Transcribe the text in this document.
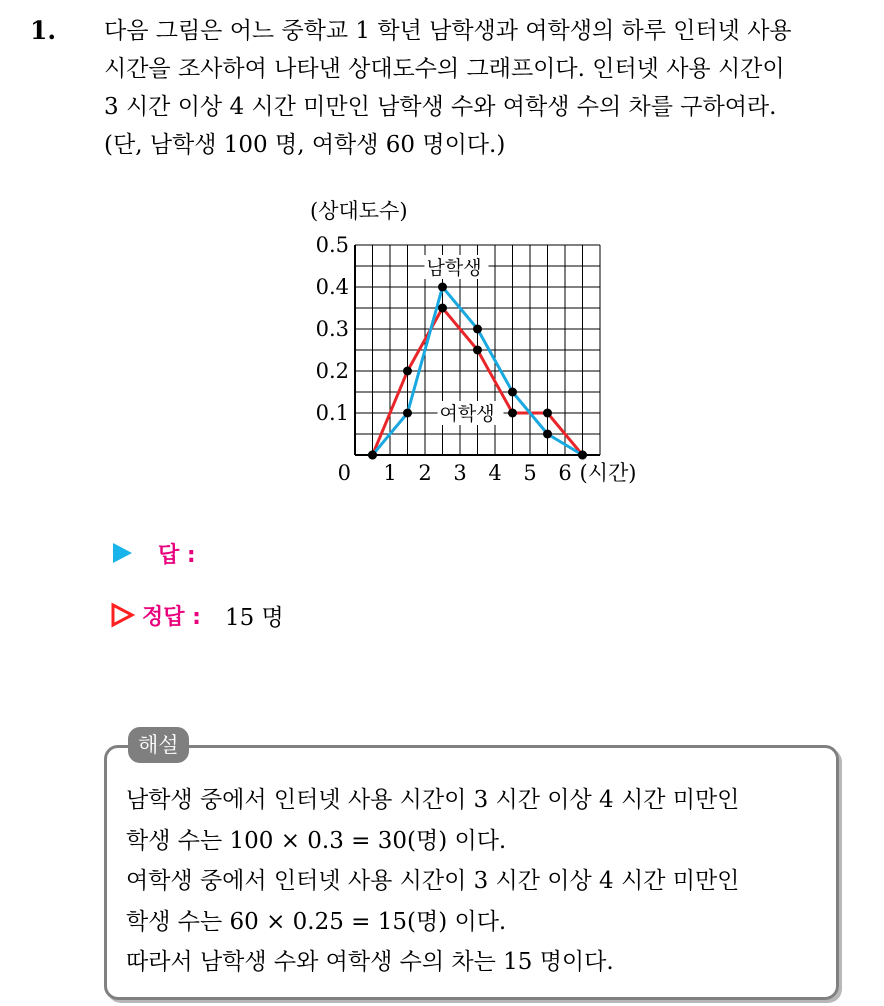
1. 다음 그림은 어느 중학교 1 학년 남학생과 여학생의 하루 인터넷 사용

시간을 조사하여 나타낸 상대도수의 그래프이다. 인터넷 사용 시간이

3 시간 이상 4 시간 미만인 남학생 수와 여학생 수의 차를 구하여라.

(단, 남학생 100 명, 여학생 60 명이다.)

0.5
0.4
0.3
0.2
0.1
1 2 3 4 5 6
0	(시간)
(상대도수)
남학생
여학생
답 :
정답 : 15 명
해설

남학생 중에서 인터넷 사용 시간이 3 시간 이상 4 시간 미만인

학생 수는 100 × 0.3 = 30(명) 이다.

여학생 중에서 인터넷 사용 시간이 3 시간 이상 4 시간 미만인

학생 수는 60 × 0.25 = 15(명) 이다.

따라서 남학생 수와 여학생 수의 차는 15 명이다.
